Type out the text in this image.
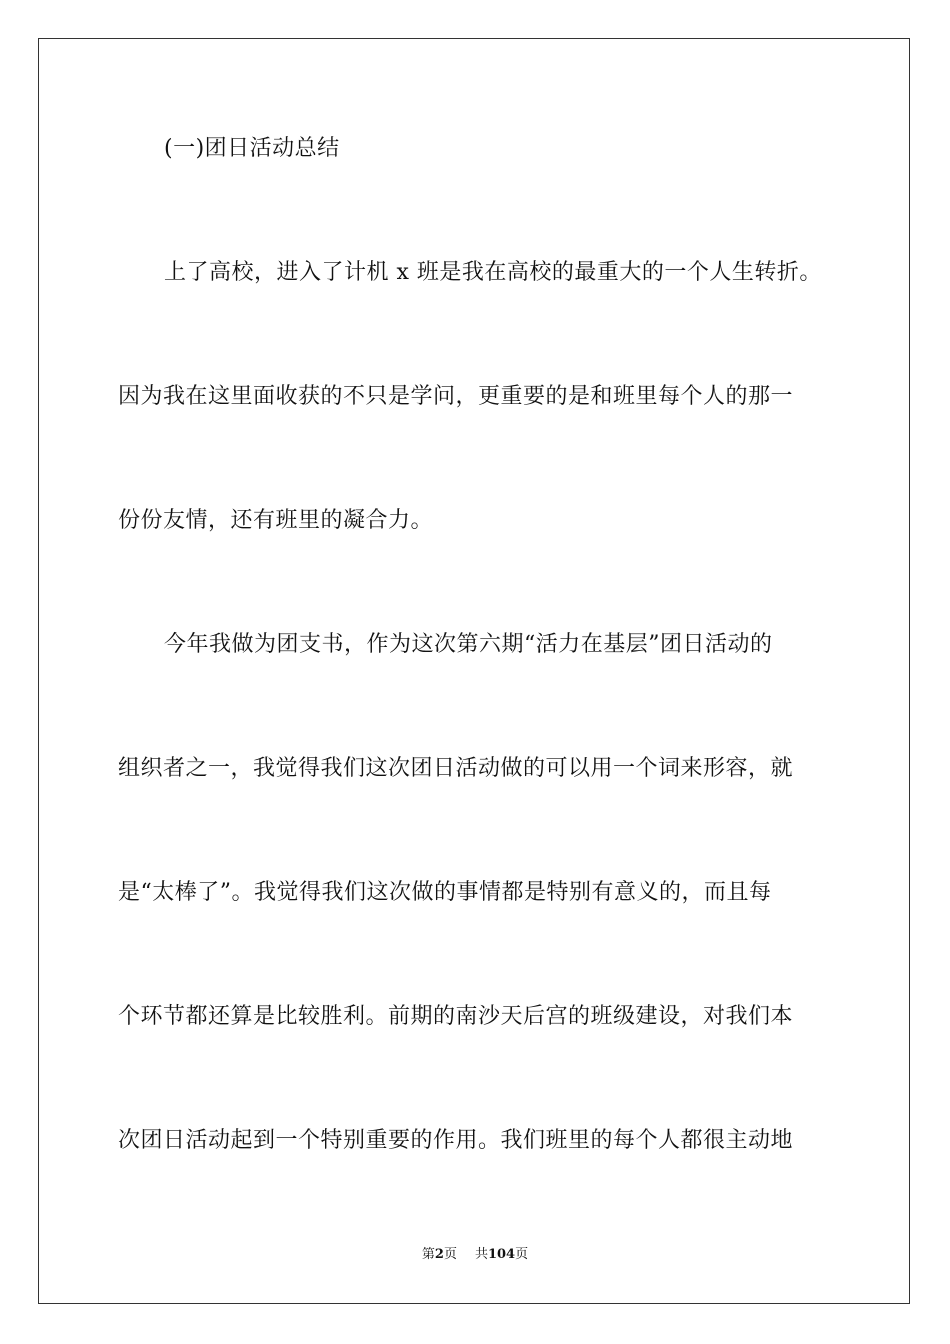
(一)团日活动总结
上了高校，进入了计机 x 班是我在高校的最重大的一个人生转折。
因为我在这里面收获的不只是学问，更重要的是和班里每个人的那一
份份友情，还有班里的凝合力。
今年我做为团支书，作为这次第六期“活力在基层”团日活动的
组织者之一，我觉得我们这次团日活动做的可以用一个词来形容，就
是“太棒了”。我觉得我们这次做的事情都是特别有意义的，而且每
个环节都还算是比较胜利。前期的南沙天后宫的班级建设，对我们本
次团日活动起到一个特别重要的作用。我们班里的每个人都很主动地
第2页 共104页
